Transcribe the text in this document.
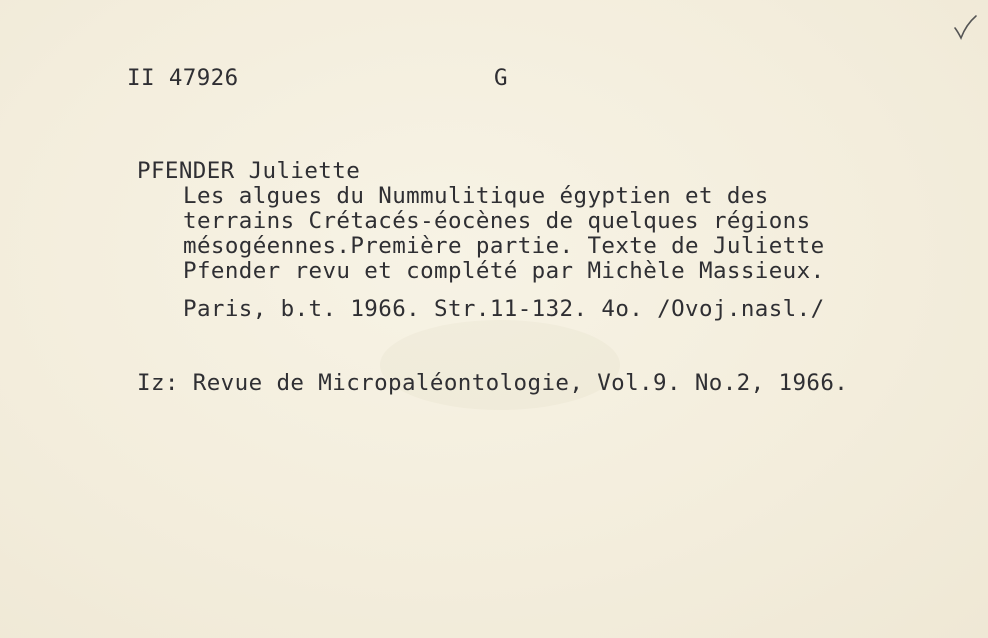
II 47926	G
PFENDER Juliette
Les algues du Nummulitique égyptien et des
terrains Crétacés-éocènes de quelques régions
mésogéennes.Première partie. Texte de Juliette
Pfender revu et complété par Michèle Massieux.
Paris, b.t. 1966. Str.11-132. 4o. /Ovoj.nasl./
Iz: Revue de Micropaléontologie, Vol.9. No.2, 1966.
